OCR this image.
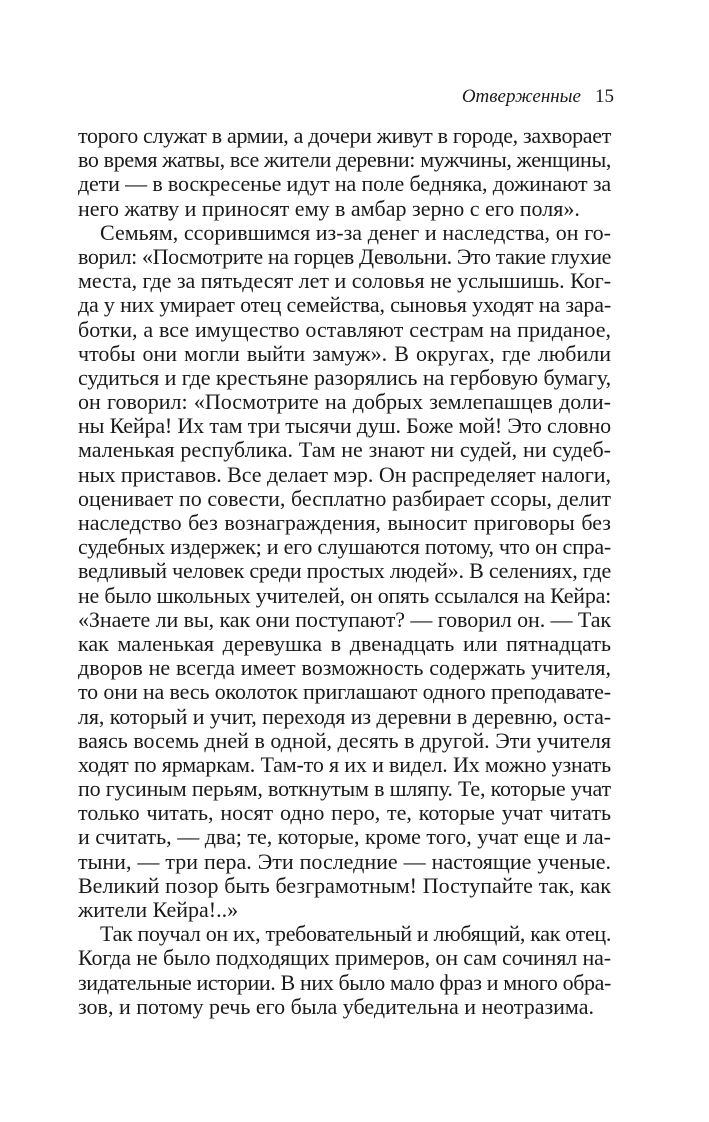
Отверженные 15
торого служат в армии, а дочери живут в городе, захворает
во время жатвы, все жители деревни: мужчины, женщины,
дети — в воскресенье идут на поле бедняка, дожинают за
него жатву и приносят ему в амбар зерно с его поля».
Семьям, ссорившимся из-за денег и наследства, он го-
ворил: «Посмотрите на горцев Девольни. Это такие глухие
места, где за пятьдесят лет и соловья не услышишь. Ког-
да у них умирает отец семейства, сыновья уходят на зара-
ботки, а все имущество оставляют сестрам на приданое,
чтобы они могли выйти замуж». В округах, где любили
судиться и где крестьяне разорялись на гербовую бумагу,
он говорил: «Посмотрите на добрых землепашцев доли-
ны Кейра! Их там три тысячи душ. Боже мой! Это словно
маленькая республика. Там не знают ни судей, ни судеб-
ных приставов. Все делает мэр. Он распределяет налоги,
оценивает по совести, бесплатно разбирает ссоры, делит
наследство без вознаграждения, выносит приговоры без
судебных издержек; и его слушаются потому, что он спра-
ведливый человек среди простых людей». В селениях, где
не было школьных учителей, он опять ссылался на Кейра:
«Знаете ли вы, как они поступают? — говорил он. — Так
как маленькая деревушка в двенадцать или пятнадцать
дворов не всегда имеет возможность содержать учителя,
то они на весь околоток приглашают одного преподавате-
ля, который и учит, переходя из деревни в деревню, оста-
ваясь восемь дней в одной, десять в другой. Эти учителя
ходят по ярмаркам. Там-то я их и видел. Их можно узнать
по гусиным перьям, воткнутым в шляпу. Те, которые учат
только читать, носят одно перо, те, которые учат читать
и считать, — два; те, которые, кроме того, учат еще и ла-
тыни, — три пера. Эти последние — настоящие ученые.
Великий позор быть безграмотным! Поступайте так, как
жители Кейра!..»
Так поучал он их, требовательный и любящий, как отец.
Когда не было подходящих примеров, он сам сочинял на-
зидательные истории. В них было мало фраз и много обра-
зов, и потому речь его была убедительна и неотразима.
